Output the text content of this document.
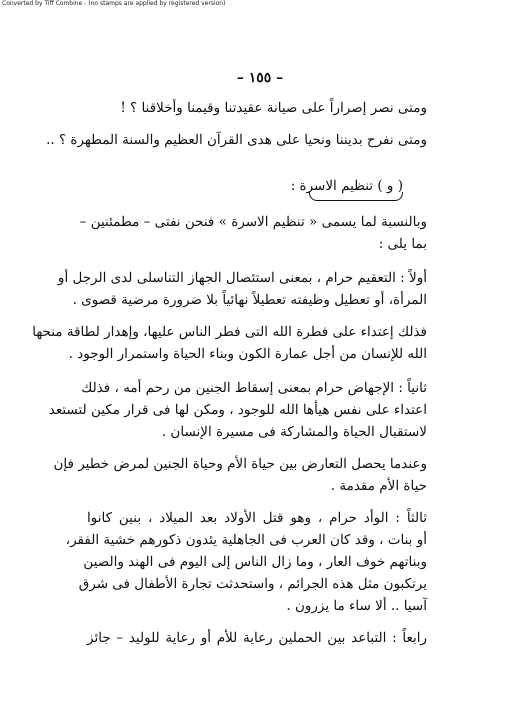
Converted by Tiff Combine - (no stamps are applied by registered version)
– ١٥٥ –
ومتى نصر إصراراً على صيانة عقيدتنا وقيمنا وأخلاقنا ؟ !
ومتى نفرح بديننا ونحيا على هدى القرآن العظيم والسنة المطهرة ؟ ..
( و ) تنظيم الاسرة :
وبالنسبة لما يسمى « تنظيم الاسرة » فنحن نفتى – مطمئنين –
بما يلى :
أولاً : التعقيم حرام ، بمعنى استئصال الجهاز التناسلى لدى الرجل أو
المرأة، أو تعطيل وظيفته تعطيلاً نهائياً بلا ضرورة مرضية قصوى .
فذلك إعتداء على فطرة الله التى فطر الناس عليها، وإهدار لطاقة منحها
الله للإنسان من أجل عمارة الكون وبناء الحياة واستمرار الوجود .
ثانياً : الإجهاض حرام بمعنى إسقاط الجنين من رحم أمه ، فذلك
اعتداء على نفس هيأها الله للوجود ، ومكن لها فى قرار مكين لتستعد
لاستقبال الحياة والمشاركة فى مسيرة الإنسان .
وعندما يحصل التعارض بين حياة الأم وحياة الجنين لمرض خطير فإن
حياة الأم مقدمة .
ثالثاً : الوأد حرام ، وهو قتل الأولاد بعد الميلاد ، بنين كانوا
أو بنات ، وقد كان العرب فى الجاهلية يئدون ذكورهم خشية الفقر،
وبناتهم خوف العار ، وما زال الناس إلى اليوم فى الهند والصين
يرتكبون مثل هذه الجرائم ، واستحدثت تجارة الأطفال فى شرق
آسيا .. ألا ساء ما يزرون .
رابعاً : التباعد بين الحملين رعاية للأم أو رعاية للوليد – جائز
